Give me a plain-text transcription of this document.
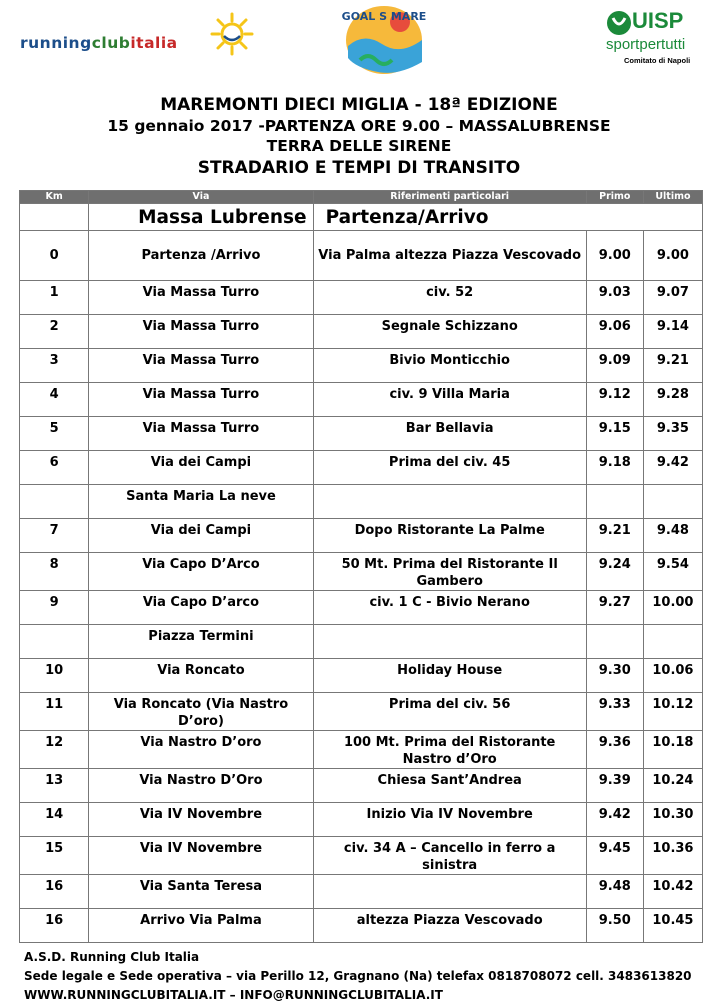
runningclubitalia
GOAL S MARE	UISP
sportpertutti
Comitato di Napoli
MAREMONTI DIECI MIGLIA - 18ª EDIZIONE
15 gennaio 2017 -PARTENZA ORE 9.00 – MASSALUBRENSE
TERRA DELLE SIRENE
STRADARIO E TEMPI DI TRANSITO
Km	Via	Riferimenti particolari	Primo	Ultimo
	Massa Lubrense	Partenza/Arrivo		
0	Partenza /Arrivo	Via Palma altezza Piazza Vescovado	9.00	9.00
1	Via Massa Turro	civ. 52	9.03	9.07
2	Via Massa Turro	Segnale Schizzano	9.06	9.14
3	Via Massa Turro	Bivio Monticchio	9.09	9.21
4	Via Massa Turro	civ. 9 Villa Maria	9.12	9.28
5	Via Massa Turro	Bar Bellavia	9.15	9.35
6	Via dei Campi	Prima del civ. 45	9.18	9.42
	Santa Maria La neve			
7	Via dei Campi	Dopo Ristorante La Palme	9.21	9.48
8	Via Capo D’Arco	50 Mt. Prima del Ristorante Il Gambero	9.24	9.54
9	Via Capo D’arco	civ. 1 C - Bivio Nerano	9.27	10.00
	Piazza Termini			
10	Via Roncato	Holiday House	9.30	10.06
11	Via Roncato (Via Nastro D’oro)	Prima del civ. 56	9.33	10.12
12	Via Nastro D’oro	100 Mt. Prima del Ristorante Nastro d’Oro	9.36	10.18
13	Via Nastro D’Oro	Chiesa Sant’Andrea	9.39	10.24
14	Via IV Novembre	Inizio Via IV Novembre	9.42	10.30
15	Via IV Novembre	civ. 34 A – Cancello in ferro a sinistra	9.45	10.36
16	Via Santa Teresa		9.48	10.42
16	Arrivo Via Palma	altezza Piazza Vescovado	9.50	10.45
A.S.D. Running Club Italia
Sede legale e Sede operativa – via Perillo 12, Gragnano (Na) telefax 0818708072 cell. 3483613820
WWW.RUNNINGCLUBITALIA.IT – INFO@RUNNINGCLUBITALIA.IT
